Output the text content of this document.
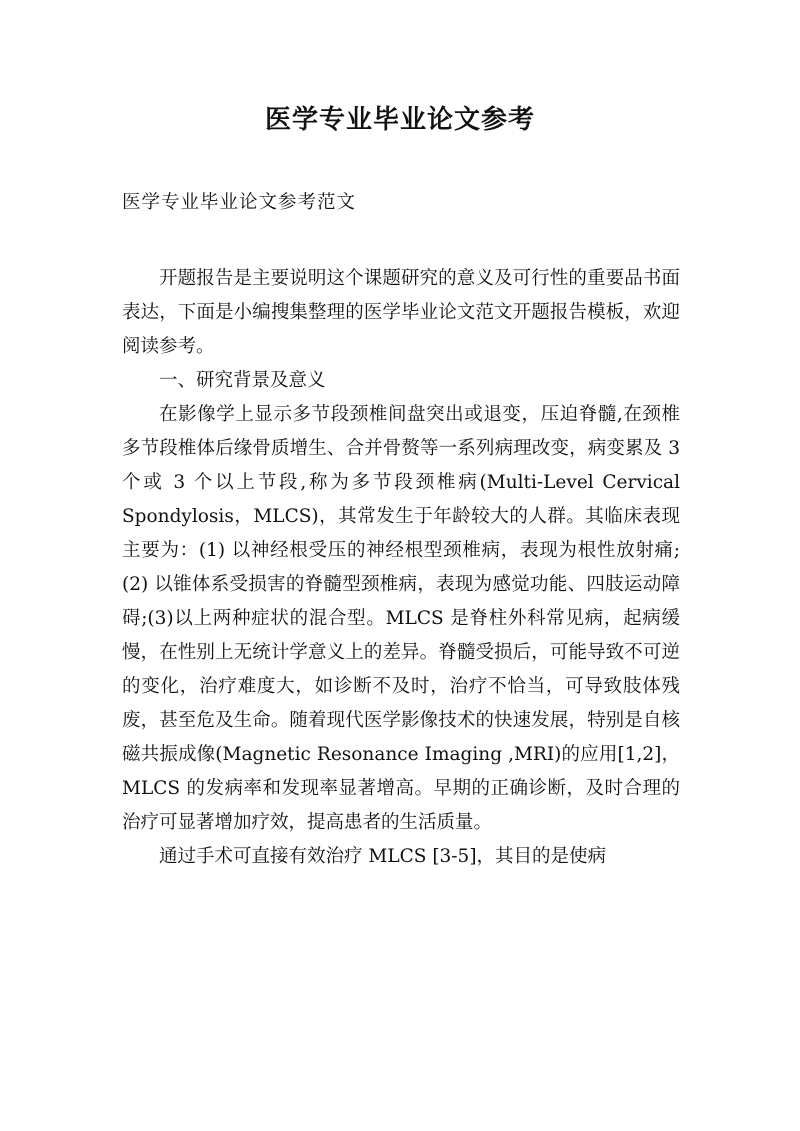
医学专业毕业论文参考
医学专业毕业论文参考范文

开题报告是主要说明这个课题研究的意义及可行性的重要品书面表达，下面是小编搜集整理的医学毕业论文范文开题报告模板，欢迎阅读参考。

一、研究背景及意义

在影像学上显示多节段颈椎间盘突出或退变，压迫脊髓,在颈椎多节段椎体后缘骨质增生、合并骨赘等一系列病理改变，病变累及 3 个或 3 个以上节段,称为多节段颈椎病(Multi-Level Cervical Spondylosis，MLCS)，其常发生于年龄较大的人群。其临床表现主要为：(1) 以神经根受压的神经根型颈椎病，表现为根性放射痛;(2) 以锥体系受损害的脊髓型颈椎病，表现为感觉功能、四肢运动障碍;(3)以上两种症状的混合型。MLCS 是脊柱外科常见病，起病缓慢，在性别上无统计学意义上的差异。脊髓受损后，可能导致不可逆的变化，治疗难度大，如诊断不及时，治疗不恰当，可导致肢体残废，甚至危及生命。随着现代医学影像技术的快速发展，特别是自核磁共振成像(Magnetic Resonance Imaging ,MRI)的应用[1,2]，MLCS 的发病率和发现率显著增高。早期的正确诊断，及时合理的治疗可显著增加疗效，提高患者的生活质量。

通过手术可直接有效治疗 MLCS [3-5]，其目的是使病
